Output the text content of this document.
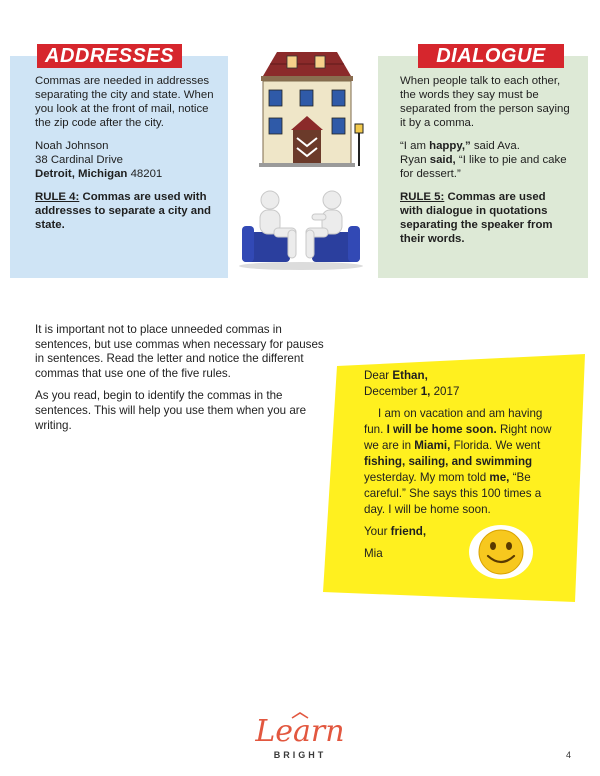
ADDRESSES

Commas are needed in addresses separating the city and state. When you look at the front of mail, notice the zip code after the city.

Noah Johnson
38 Cardinal Drive
Detroit, Michigan 48201
RULE 4: Commas are used with addresses to separate a city and state.
DIALOGUE

When people talk to each other, the words they say must be separated from the person saying it by a comma.

“I am happy,” said Ava.
Ryan said, “I like to pie and cake for dessert.”
RULE 5: Commas are used with dialogue in quotations separating the speaker from their words.

It is important not to place unneeded commas in sentences, but use commas when necessary for pauses in sentences. Read the letter and notice the different commas that use one of the five rules.

As you read, begin to identify the commas in the sentences. This will help you use them when you are writing.

Dear Ethan,
December 1, 2017
I am on vacation and am having fun. I will be home soon. Right now we are in Miami, Florida. We went fishing, sailing, and swimming yesterday. My mom told me, “Be careful.” She says this 100 times a day. I will be home soon.
Your friend,
Mia
Learn
BRIGHT	4
